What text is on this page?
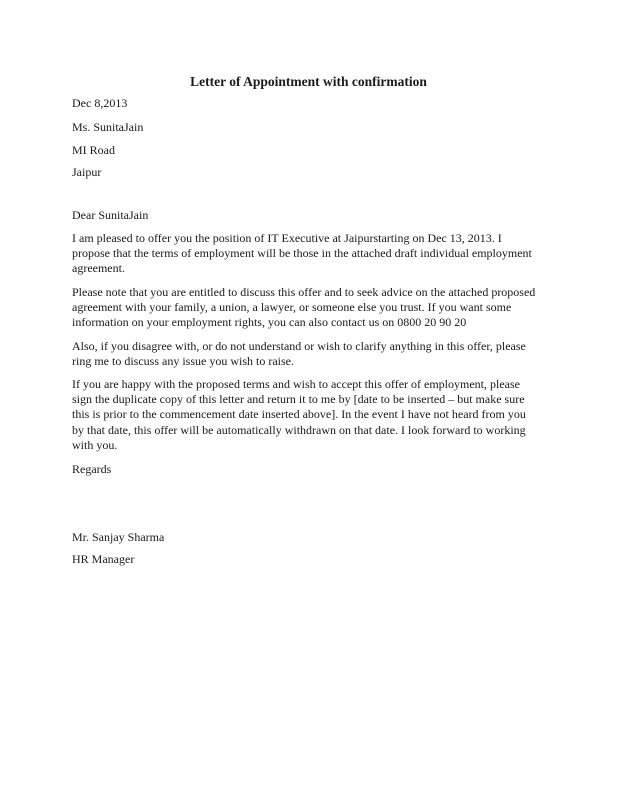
Letter of Appointment with confirmation
Dec 8,2013
Ms. SunitaJain
MI Road
Jaipur
Dear SunitaJain
I am pleased to offer you the position of IT Executive at Jaipurstarting on Dec 13, 2013. I
propose that the terms of employment will be those in the attached draft individual employment
agreement.
Please note that you are entitled to discuss this offer and to seek advice on the attached proposed
agreement with your family, a union, a lawyer, or someone else you trust. If you want some
information on your employment rights, you can also contact us on 0800 20 90 20
Also, if you disagree with, or do not understand or wish to clarify anything in this offer, please
ring me to discuss any issue you wish to raise.
If you are happy with the proposed terms and wish to accept this offer of employment, please
sign the duplicate copy of this letter and return it to me by [date to be inserted – but make sure
this is prior to the commencement date inserted above]. In the event I have not heard from you
by that date, this offer will be automatically withdrawn on that date. I look forward to working
with you.
Regards
Mr. Sanjay Sharma
HR Manager
